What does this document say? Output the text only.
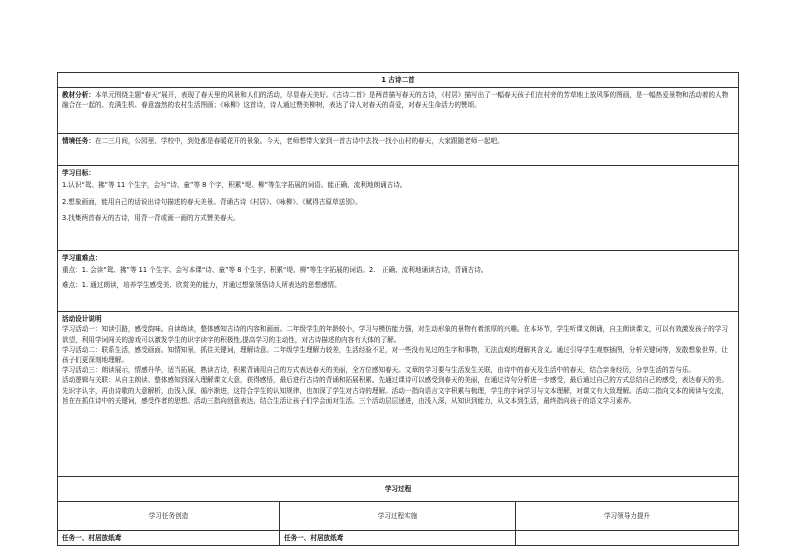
1 古诗二首		
教材分析：本单元围绕主题“春天”展开，表现了春天里的风景和人们的活动，尽显春天美好。《古诗二首》是两首描写春天的古诗，《村居》描写出了一幅春天孩子们在村旁的芳草地上放风筝的图画，是一幅热爱景物和活动着的人物融合在一起的、充满生机、春意盎然的农村生活图画；《咏柳》这首诗，诗人通过赞美柳树，表达了诗人对春天的喜爱，对春天生命活力的赞颂。		
情境任务：在二三月间，公园里、学校中，到处都是春暖花开的景象。今天，老师想带大家到一首古诗中去找一找小山村的春天，大家跟随老师一起吧。		

学习目标：
1.认识“鸳、拂”等 11 个生字，会写“诗、童”等 8 个字，积累“堤、柳”等生字拓展的词语。能正确、流利地朗诵古诗。
2.想象画面，能用自己的话说出诗句描述的春天美景。背诵古诗《村居》、《咏柳》、《赋得古原草送别》。
3.找集两首春天的古诗，用背一背或画一画的方式赞美春天。		

学习重难点：
重点：1. 会读“鸳、拂”等 11 个生字、会写本课“诗、童”等 8 个生字，积累“堤、柳”等生字拓展的词语。2.　正确、流利地诵读古诗，背诵古诗。
难点：1. 通过朗读，培养学生感受美、欣赏美的能力，并通过想象领悟诗人所表达的思想感情。		

活动设计说明
学习活动一：知读引路，感受韵味。自读练读，整体感知古诗的内容和画面。二年级学生的年龄较小，学习与模仿能力强，对生动形象的景物有着浓厚的兴趣。在本环节，学生听课文朗诵，自主朗读课文，可以有效激发孩子的学习欲望，利用学词闯关的游戏可以激发学生的识字读字的积极性,提高学习的主动性，对古诗描述的内容有大体的了解。
学习活动二：联系生活，感受画面。知情知景，抓住关键词，理解诗意。二年级学生理解力较差，生活经验不足，对一些没有见过的生字和事物，无法直观的理解其含义。通过引导学生观察插图，分析关键词等，发散想象世界，让孩子们更深刻地理解。
学习活动三：朗读展示，情感升华，适当拓展，熟读古诗，积累背诵用自己的方式表达春天的美丽，全方位感知春天。文章的学习要与生活发生关联，由诗中的春天及生活中的春天，结合亲身经历，分享生活的苦与乐。
活动逻辑与关联：从自主朗读、整体感知到深入理解课文大意，获得感悟，最后进行古诗的背诵和拓展积累。先通过课诗可以感受到春天的美丽，在通过诗句分析进一步感受，最后通过自己的方式总结自己的感受，表达春天的美。先识字认字，再由诗歌的大意解析，由浅入深，循序渐进，这符合学生的认知规律，也加深了学生对古诗的理解。活动一指向语言文字积累与梳理，学生的字词学习与文本理解，对课文有大致理解。活动二指向文本的阅读与交流，旨在在抓住诗中的关键词，感受作者的思想。活动三指向创意表达，结合生活让孩子们学会面对生活。三个活动层层递进，由浅入深，从知识到能力，从文本到生活，最终指向孩子的语文学习素养。		

学习过程		
学习任务创造	学习过程实施	学习领导力提升
任务一、村居放纸鸢	任务一、村居放纸鸢	
